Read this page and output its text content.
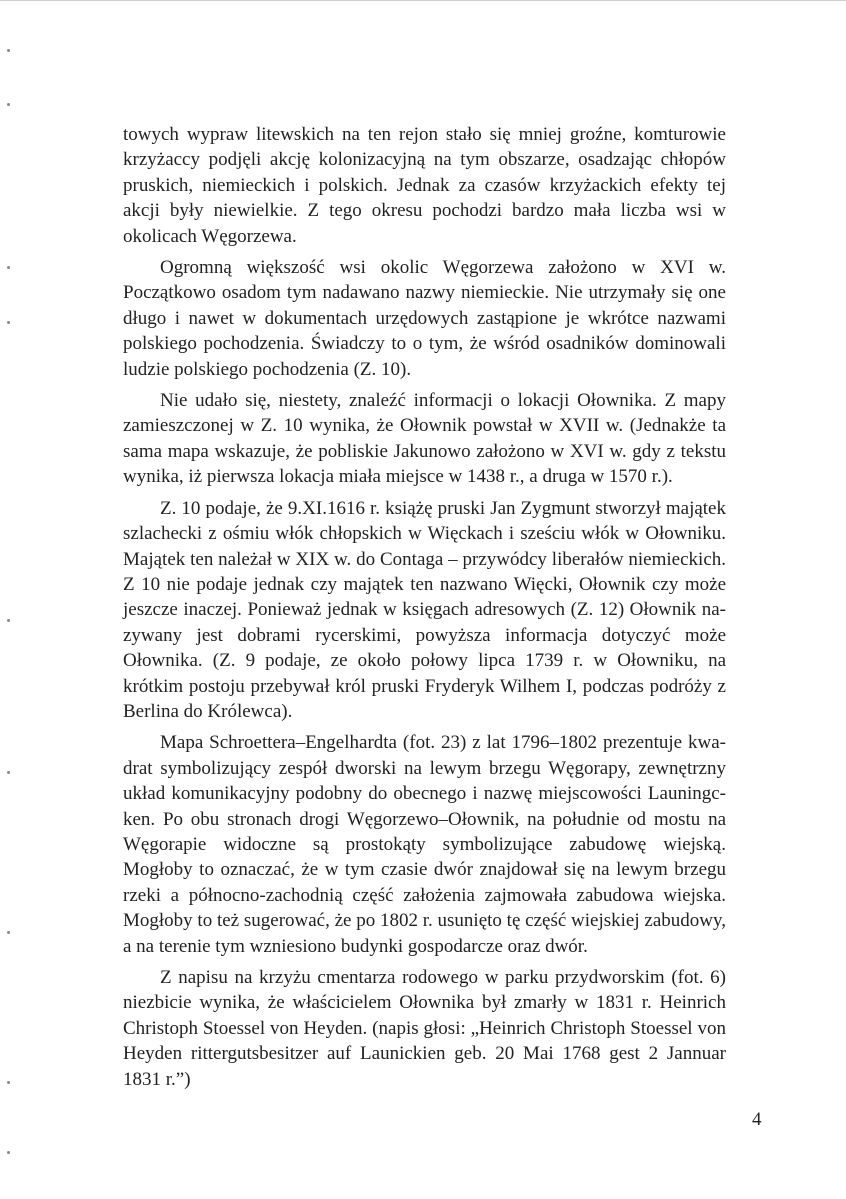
towych wypraw litewskich na ten rejon stało się mniej groźne, komturowie krzyżaccy podjęli akcję kolonizacyjną na tym obszarze, osadzając chłopów pruskich, niemieckich i polskich. Jednak za czasów krzyżackich efekty tej akcji były niewielkie. Z tego okresu pochodzi bardzo mała liczba wsi w okolicach Węgorzewa.

Ogromną większość wsi okolic Węgorzewa założono w XVI w. Początkowo osadom tym nadawano nazwy niemieckie. Nie utrzymały się one długo i nawet w dokumentach urzędowych zastąpione je wkrótce nazwami polskiego pochodzenia. Świadczy to o tym, że wśród osadników dominowali ludzie polskiego pochodzenia (Z. 10).

Nie udało się, niestety, znaleźć informacji o lokacji Ołownika. Z mapy zamieszczonej w Z. 10 wynika, że Ołownik powstał w XVII w. (Jednakże ta sama mapa wskazuje, że pobliskie Jakunowo założono w XVI w. gdy z tekstu wynika, iż pierwsza lokacja miała miejsce w 1438 r., a druga w 1570 r.).

Z. 10 podaje, że 9.XI.1616 r. książę pruski Jan Zygmunt stworzył majątek szlachecki z ośmiu włók chłopskich w Więckach i sześciu włók w Ołowniku. Majątek ten należał w XIX w. do Contaga – przywódcy liberałów niemieckich. Z 10 nie podaje jednak czy majątek ten nazwano Więcki, Ołownik czy może jeszcze inaczej. Ponieważ jednak w księgach adresowych (Z. 12) Ołownik nazywany jest dobrami rycerskimi, powyższa informacja dotyczyć może Ołownika. (Z. 9 podaje, ze około połowy lipca 1739 r. w Ołowniku, na krótkim postoju przebywał król pruski Fryderyk Wilhem I, podczas podróży z Berlina do Królewca).

Mapa Schroettera–Engelhardta (fot. 23) z lat 1796–1802 prezentuje kwadrat symbolizujący zespół dworski na lewym brzegu Węgorapy, zewnętrzny układ komunikacyjny podobny do obecnego i nazwę miejscowości Launingcken. Po obu stronach drogi Węgorzewo–Ołownik, na południe od mostu na Węgorapie widoczne są prostokąty symbolizujące zabudowę wiejską. Mogłoby to oznaczać, że w tym czasie dwór znajdował się na lewym brzegu rzeki a północno-zachodnią część założenia zajmowała zabudowa wiejska. Mogłoby to też sugerować, że po 1802 r. usunięto tę część wiejskiej zabudowy, a na terenie tym wzniesiono budynki gospodarcze oraz dwór.

Z napisu na krzyżu cmentarza rodowego w parku przydworskim (fot. 6) niezbicie wynika, że właścicielem Ołownika był zmarły w 1831 r. Heinrich Christoph Stoessel von Heyden. (napis głosi: „Heinrich Christoph Stoessel von Heyden rittergutsbesitzer auf Launickien geb. 20 Mai 1768 gest 2 Jannuar 1831 r.”)

4
